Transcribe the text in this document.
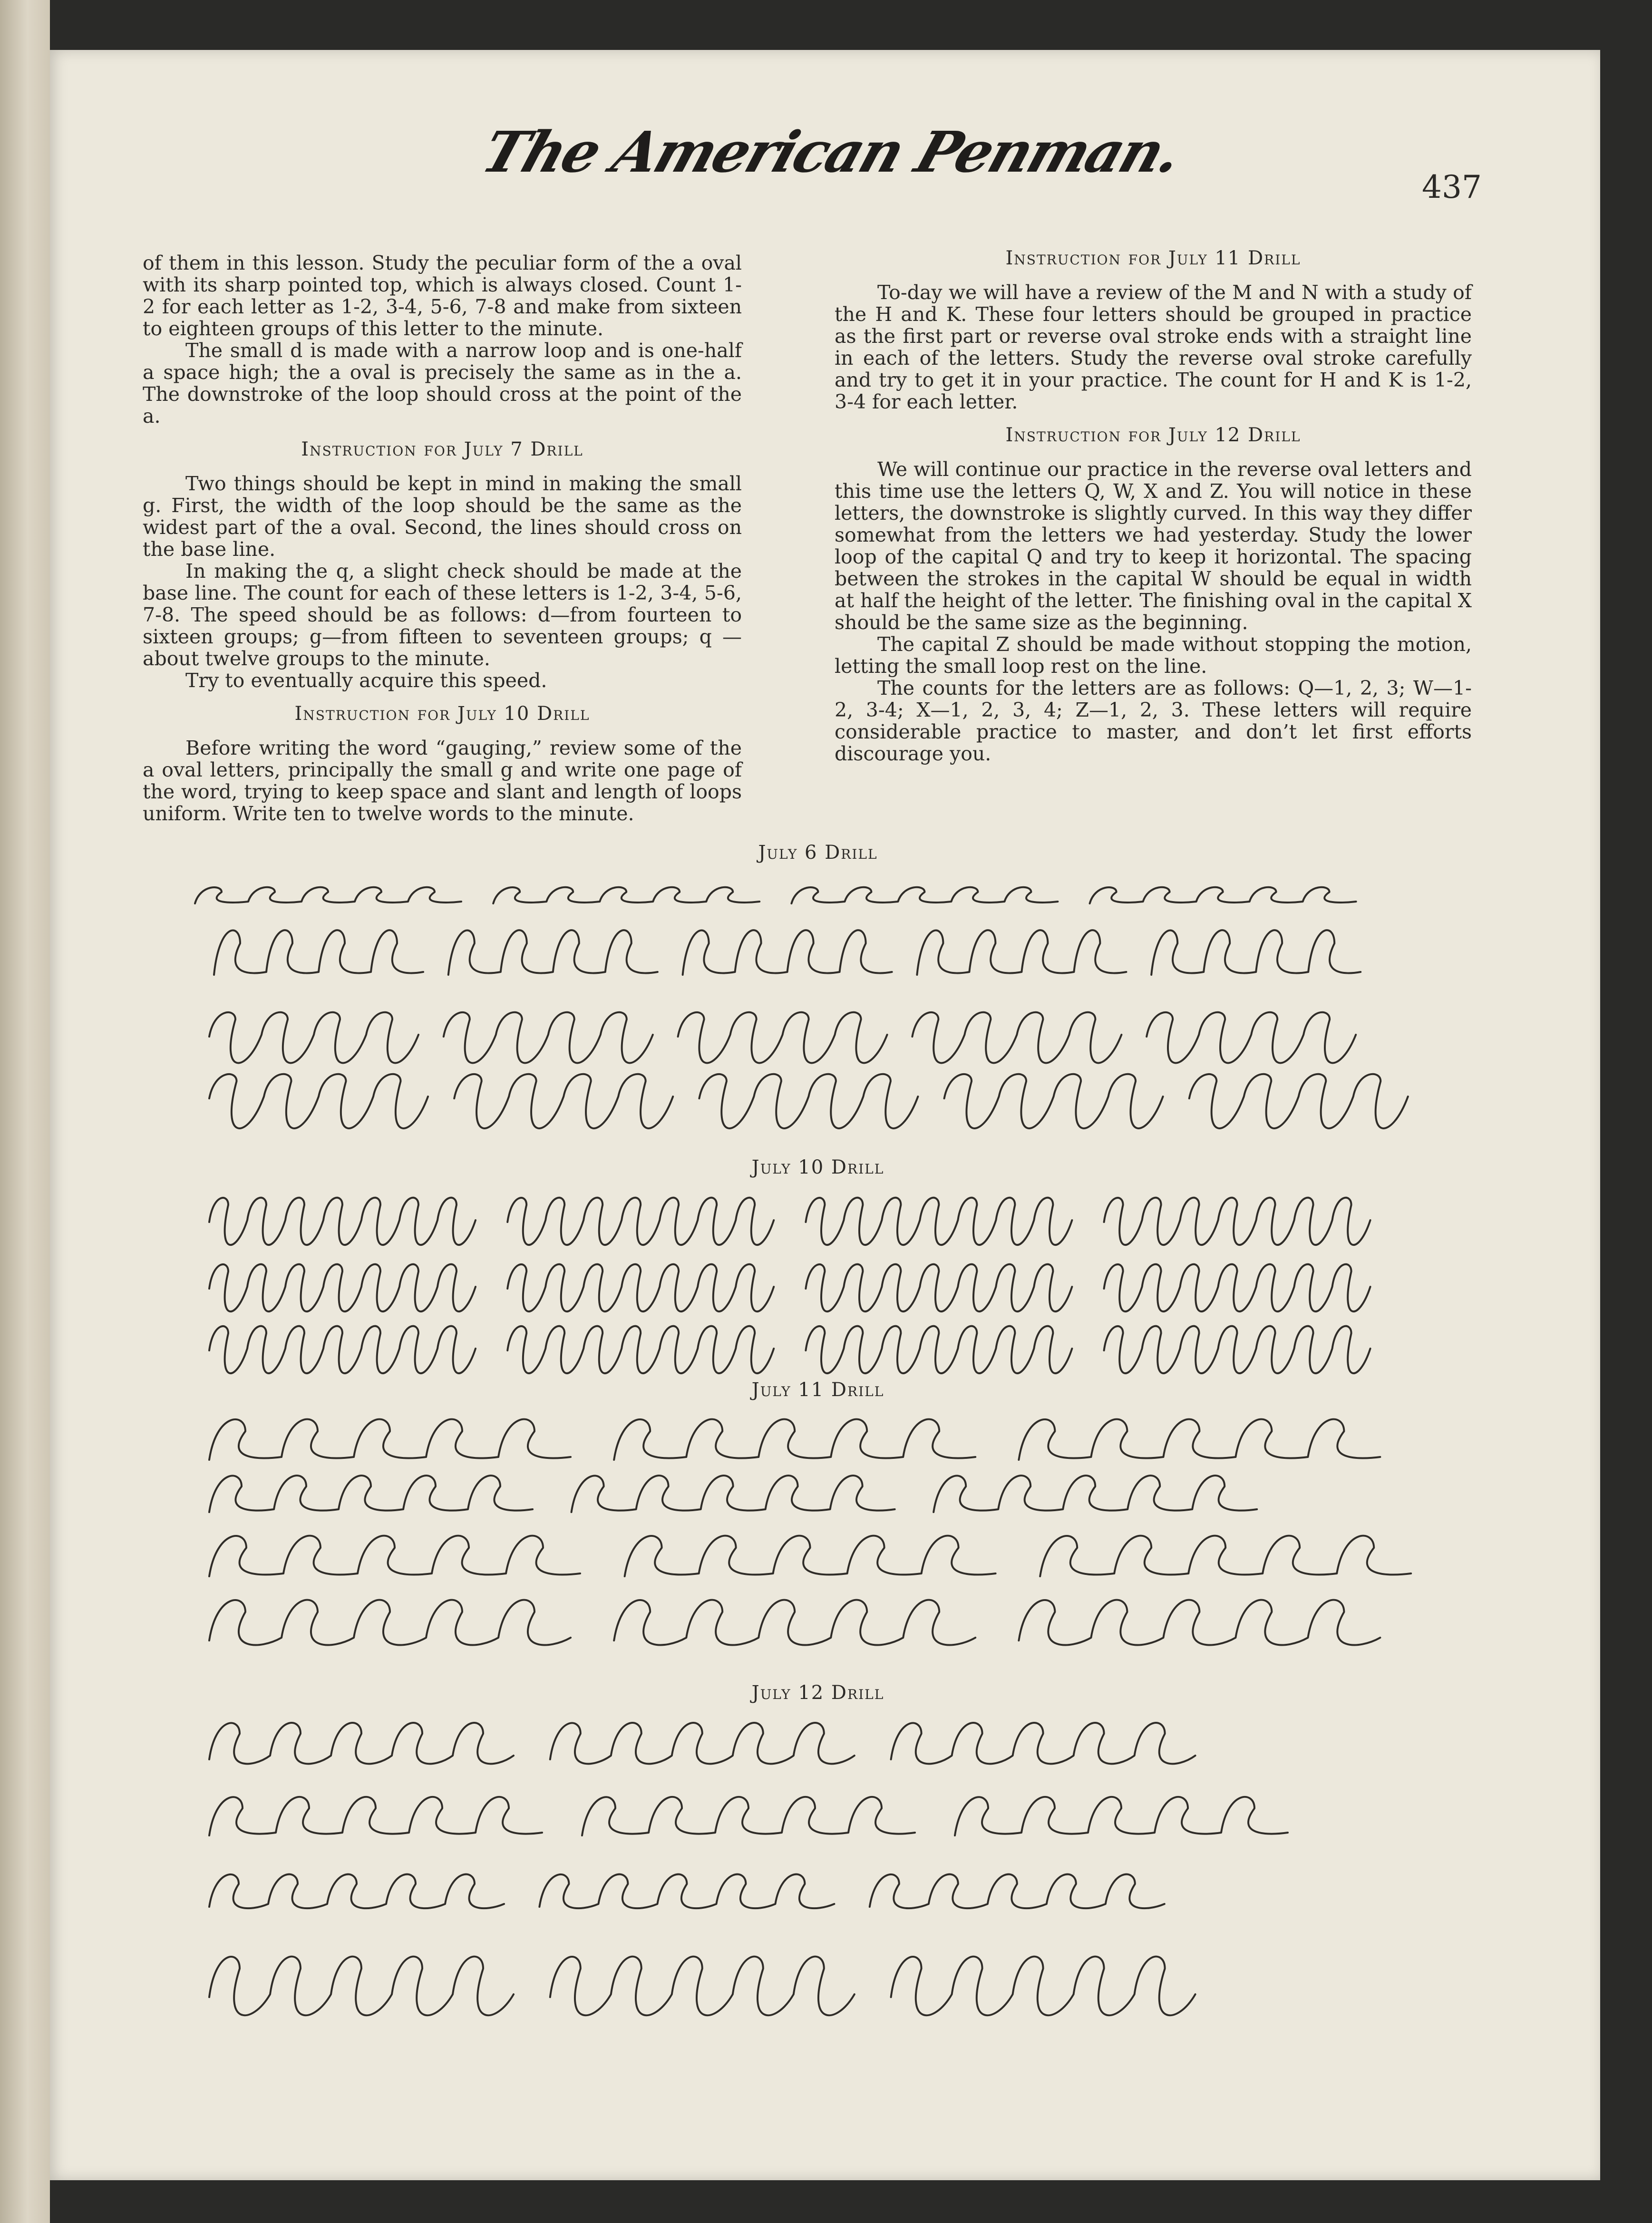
The American Penman.
437

of them in this lesson. Study the peculiar form of the a oval with its sharp pointed top, which is always closed. Count 1-2 for each letter as 1-2, 3-4, 5-6, 7-8 and make from sixteen to eighteen groups of this letter to the minute.

The small d is made with a narrow loop and is one-half a space high; the a oval is precisely the same as in the a. The downstroke of the loop should cross at the point of the a.

Instruction for July 7 Drill

Two things should be kept in mind in making the small g. First, the width of the loop should be the same as the widest part of the a oval. Second, the lines should cross on the base line.

In making the q, a slight check should be made at the base line. The count for each of these letters is 1-2, 3-4, 5-6, 7-8. The speed should be as follows: d—from fourteen to sixteen groups; g—from fifteen to seventeen groups; q —about twelve groups to the minute.

Try to eventually acquire this speed.

Instruction for July 10 Drill

Before writing the word “gauging,” review some of the a oval letters, principally the small g and write one page of the word, trying to keep space and slant and length of loops uniform. Write ten to twelve words to the minute.

Instruction for July 11 Drill

To-day we will have a review of the M and N with a study of the H and K. These four letters should be grouped in practice as the first part or reverse oval stroke ends with a straight line in each of the letters. Study the reverse oval stroke carefully and try to get it in your practice. The count for H and K is 1-2, 3-4 for each letter.

Instruction for July 12 Drill

We will continue our practice in the reverse oval letters and this time use the letters Q, W, X and Z. You will notice in these letters, the downstroke is slightly curved. In this way they differ somewhat from the letters we had yesterday. Study the lower loop of the capital Q and try to keep it horizontal. The spacing between the strokes in the capital W should be equal in width at half the height of the letter. The finishing oval in the capital X should be the same size as the beginning.

The capital Z should be made without stopping the motion, letting the small loop rest on the line.

The counts for the letters are as follows: Q—1, 2, 3; W—1-2, 3-4; X—1, 2, 3, 4; Z—1, 2, 3. These letters will require considerable practice to master, and don’t let first efforts discourage you.

July 6 Drill
July 10 Drill
July 11 Drill
July 12 Drill
